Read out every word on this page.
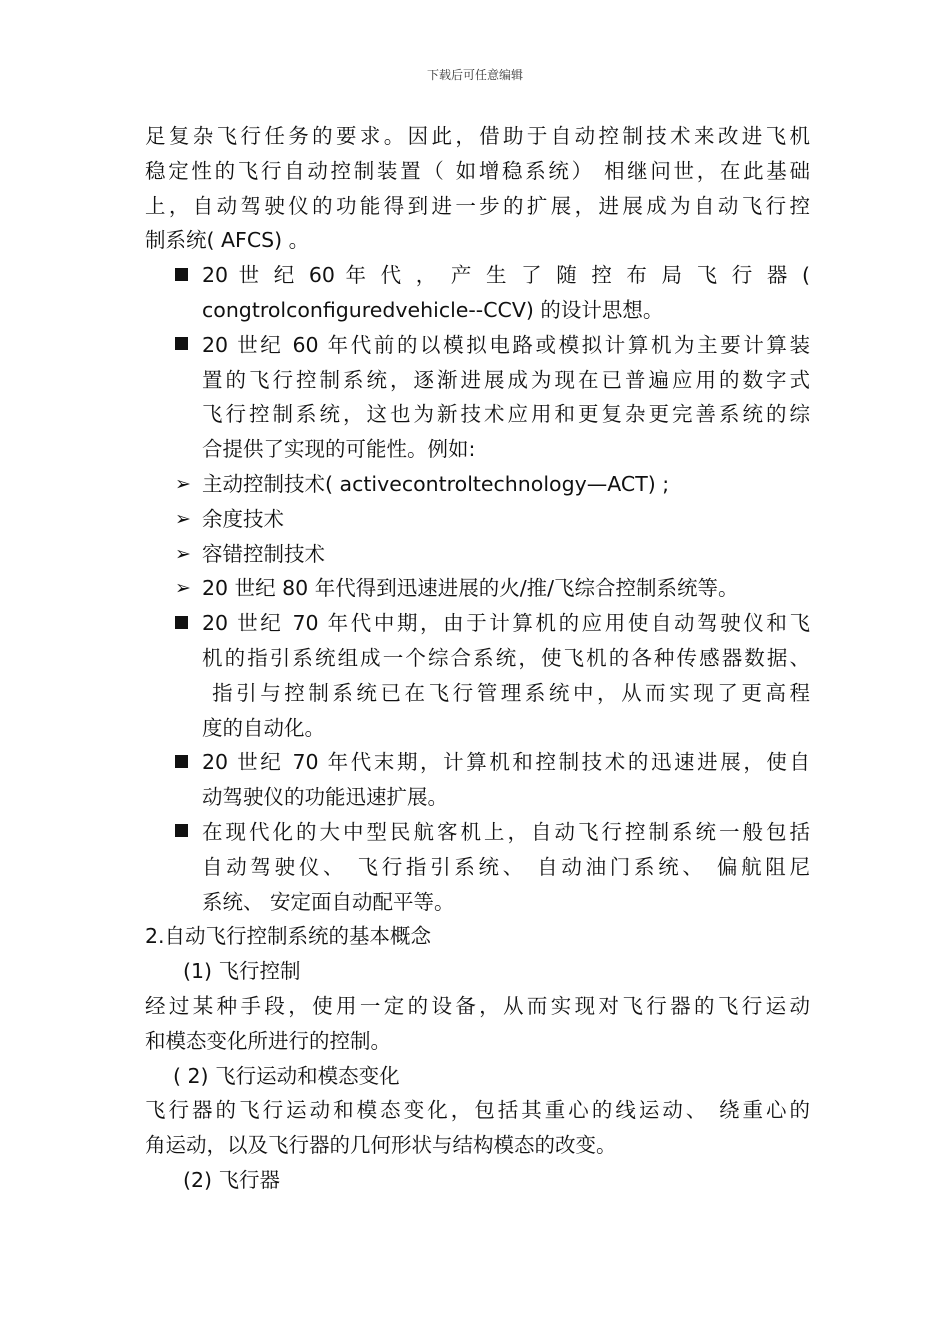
下载后可任意编辑

足复杂飞行任务的要求。因此，借助于自动控制技术来改进飞机
稳定性的飞行自动控制装置（ 如增稳系统） 相继问世，在此基础
上，自动驾驶仪的功能得到进一步的扩展，进展成为自动飞行控
制系统( AFCS) 。

20 世 纪 60 年 代 ， 产 生 了 随 控 布 局 飞 行 器 (
congtrolconfiguredvehicle--CCV) 的设计思想。
20 世纪 60 年代前的以模拟电路或模拟计算机为主要计算装
置的飞行控制系统，逐渐进展成为现在已普遍应用的数字式
飞行控制系统，这也为新技术应用和更复杂更完善系统的综
合提供了实现的可能性。例如:
➢ 主动控制技术( activecontroltechnology—ACT) ;
➢ 余度技术
➢ 容错控制技术
➢ 20 世纪 80 年代得到迅速进展的火/推/飞综合控制系统等。
20 世纪 70 年代中期，由于计算机的应用使自动驾驶仪和飞
机的指引系统组成一个综合系统，使飞机的各种传感器数据、
指引与控制系统已在飞行管理系统中，从而实现了更高程
度的自动化。
20 世纪 70 年代末期，计算机和控制技术的迅速进展，使自
动驾驶仪的功能迅速扩展。
在现代化的大中型民航客机上，自动飞行控制系统一般包括
自动驾驶仪、 飞行指引系统、 自动油门系统、 偏航阻尼
系统、 安定面自动配平等。

2.自动飞行控制系统的基本概念

(1) 飞行控制

经过某种手段，使用一定的设备，从而实现对飞行器的飞行运动
和模态变化所进行的控制。

( 2) 飞行运动和模态变化

飞行器的飞行运动和模态变化，包括其重心的线运动、 绕重心的
角运动，以及飞行器的几何形状与结构模态的改变。

(2) 飞行器
